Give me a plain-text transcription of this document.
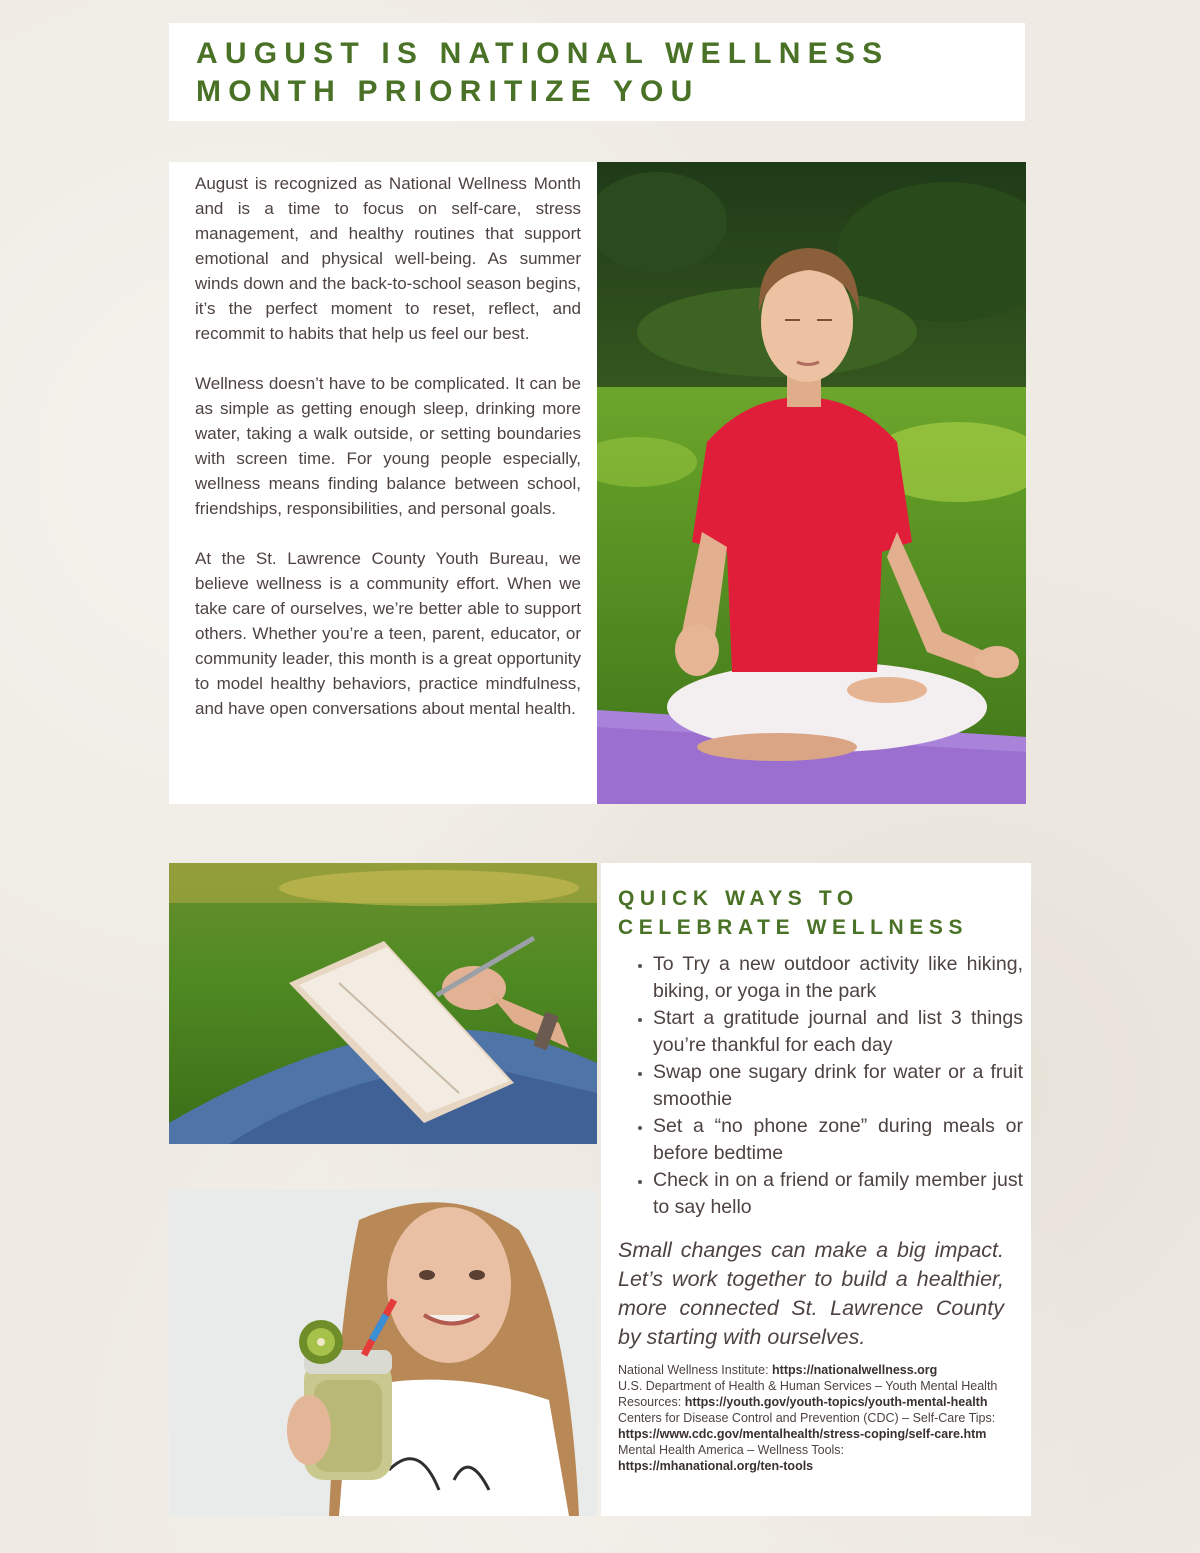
AUGUST IS NATIONAL WELLNESS MONTH PRIORITIZE YOU

August is recognized as National Wellness Month and is a time to focus on self-care, stress management, and healthy routines that support emotional and physical well-being. As summer winds down and the back-to-school season begins, it’s the perfect moment to reset, reflect, and recommit to habits that help us feel our best.

Wellness doesn’t have to be complicated. It can be as simple as getting enough sleep, drinking more water, taking a walk outside, or setting boundaries with screen time. For young people especially, wellness means finding balance between school, friendships, responsibilities, and personal goals.

At the St. Lawrence County Youth Bureau, we believe wellness is a community effort. When we take care of ourselves, we’re better able to support others. Whether you’re a teen, parent, educator, or community leader, this month is a great opportunity to model healthy behaviors, practice mindfulness, and have open conversations about mental health.

QUICK WAYS TO CELEBRATE WELLNESS
• To Try a new outdoor activity like hiking, biking, or yoga in the park
• Start a gratitude journal and list 3 things you’re thankful for each day
• Swap one sugary drink for water or a fruit smoothie
• Set a “no phone zone” during meals or before bedtime
• Check in on a friend or family member just to say hello

Small changes can make a big impact. Let’s work together to build a healthier, more connected St. Lawrence County by starting with ourselves.

National Wellness Institute: https://nationalwellness.org

U.S. Department of Health & Human Services – Youth Mental Health Resources: https://youth.gov/youth-topics/youth-mental-health

Centers for Disease Control and Prevention (CDC) – Self-Care Tips: https://www.cdc.gov/mentalhealth/stress-coping/self-care.htm

Mental Health America – Wellness Tools: https://mhanational.org/ten-tools
